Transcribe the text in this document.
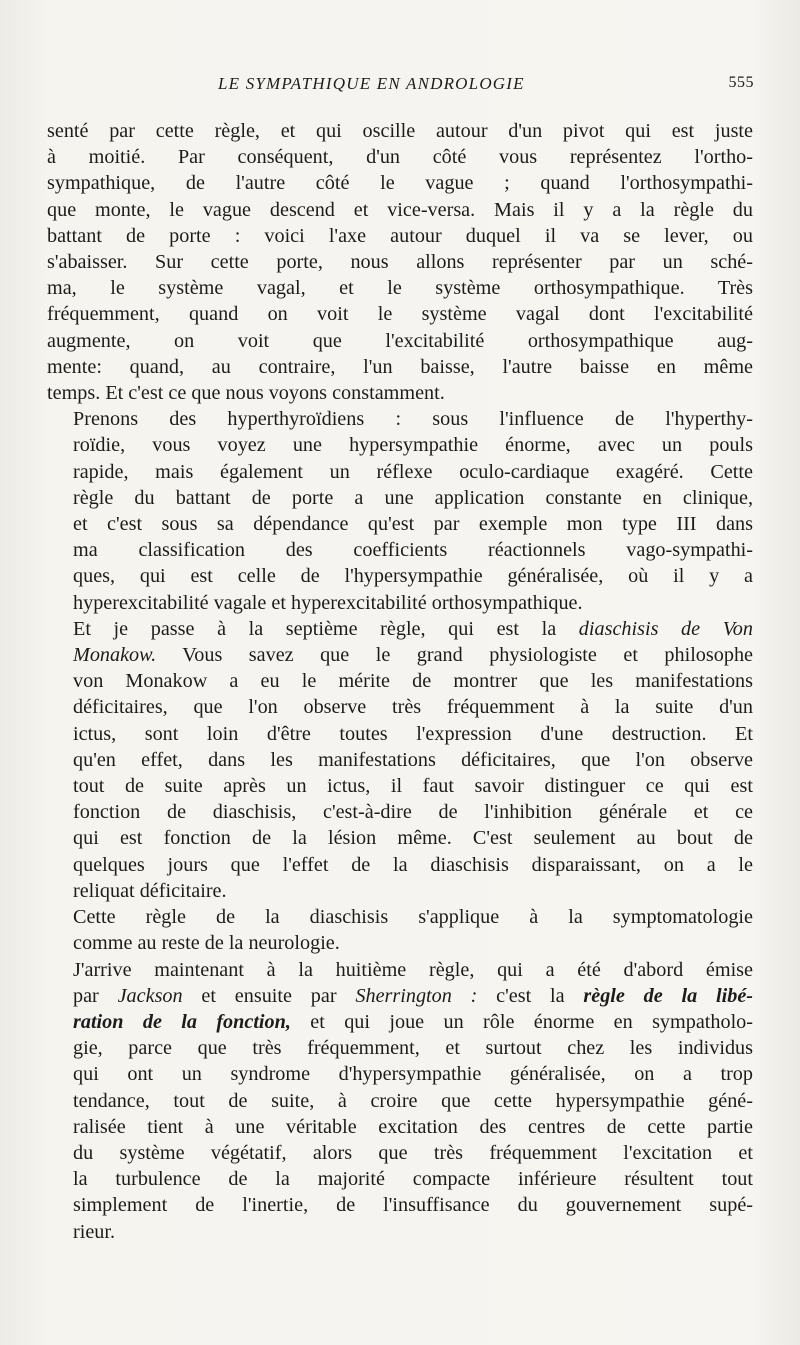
LE SYMPATHIQUE EN ANDROLOGIE	555

senté par cette règle, et qui oscille autour d'un pivot qui est juste
à moitié. Par conséquent, d'un côté vous représentez l'ortho-
sympathique, de l'autre côté le vague ; quand l'orthosympathi-
que monte, le vague descend et vice-versa. Mais il y a la règle du
battant de porte : voici l'axe autour duquel il va se lever, ou
s'abaisser. Sur cette porte, nous allons représenter par un sché-
ma, le système vagal, et le système orthosympathique. Très
fréquemment, quand on voit le système vagal dont l'excitabilité
augmente, on voit que l'excitabilité orthosympathique aug-
mente: quand, au contraire, l'un baisse, l'autre baisse en même
temps. Et c'est ce que nous voyons constamment.

Prenons des hyperthyroïdiens : sous l'influence de l'hyperthy-
roïdie, vous voyez une hypersympathie énorme, avec un pouls
rapide, mais également un réflexe oculo-cardiaque exagéré. Cette
règle du battant de porte a une application constante en clinique,
et c'est sous sa dépendance qu'est par exemple mon type III dans
ma classification des coefficients réactionnels vago-sympathi-
ques, qui est celle de l'hypersympathie généralisée, où il y a
hyperexcitabilité vagale et hyperexcitabilité orthosympathique.

Et je passe à la septième règle, qui est la diaschisis de Von
Monakow. Vous savez que le grand physiologiste et philosophe
von Monakow a eu le mérite de montrer que les manifestations
déficitaires, que l'on observe très fréquemment à la suite d'un
ictus, sont loin d'être toutes l'expression d'une destruction. Et
qu'en effet, dans les manifestations déficitaires, que l'on observe
tout de suite après un ictus, il faut savoir distinguer ce qui est
fonction de diaschisis, c'est-à-dire de l'inhibition générale et ce
qui est fonction de la lésion même. C'est seulement au bout de
quelques jours que l'effet de la diaschisis disparaissant, on a le
reliquat déficitaire.

Cette règle de la diaschisis s'applique à la symptomatologie
comme au reste de la neurologie.

J'arrive maintenant à la huitième règle, qui a été d'abord émise
par Jackson et ensuite par Sherrington : c'est la règle de la libé-
ration de la fonction, et qui joue un rôle énorme en sympatholo-
gie, parce que très fréquemment, et surtout chez les individus
qui ont un syndrome d'hypersympathie généralisée, on a trop
tendance, tout de suite, à croire que cette hypersympathie géné-
ralisée tient à une véritable excitation des centres de cette partie
du système végétatif, alors que très fréquemment l'excitation et
la turbulence de la majorité compacte inférieure résultent tout
simplement de l'inertie, de l'insuffisance du gouvernement supé-
rieur.
